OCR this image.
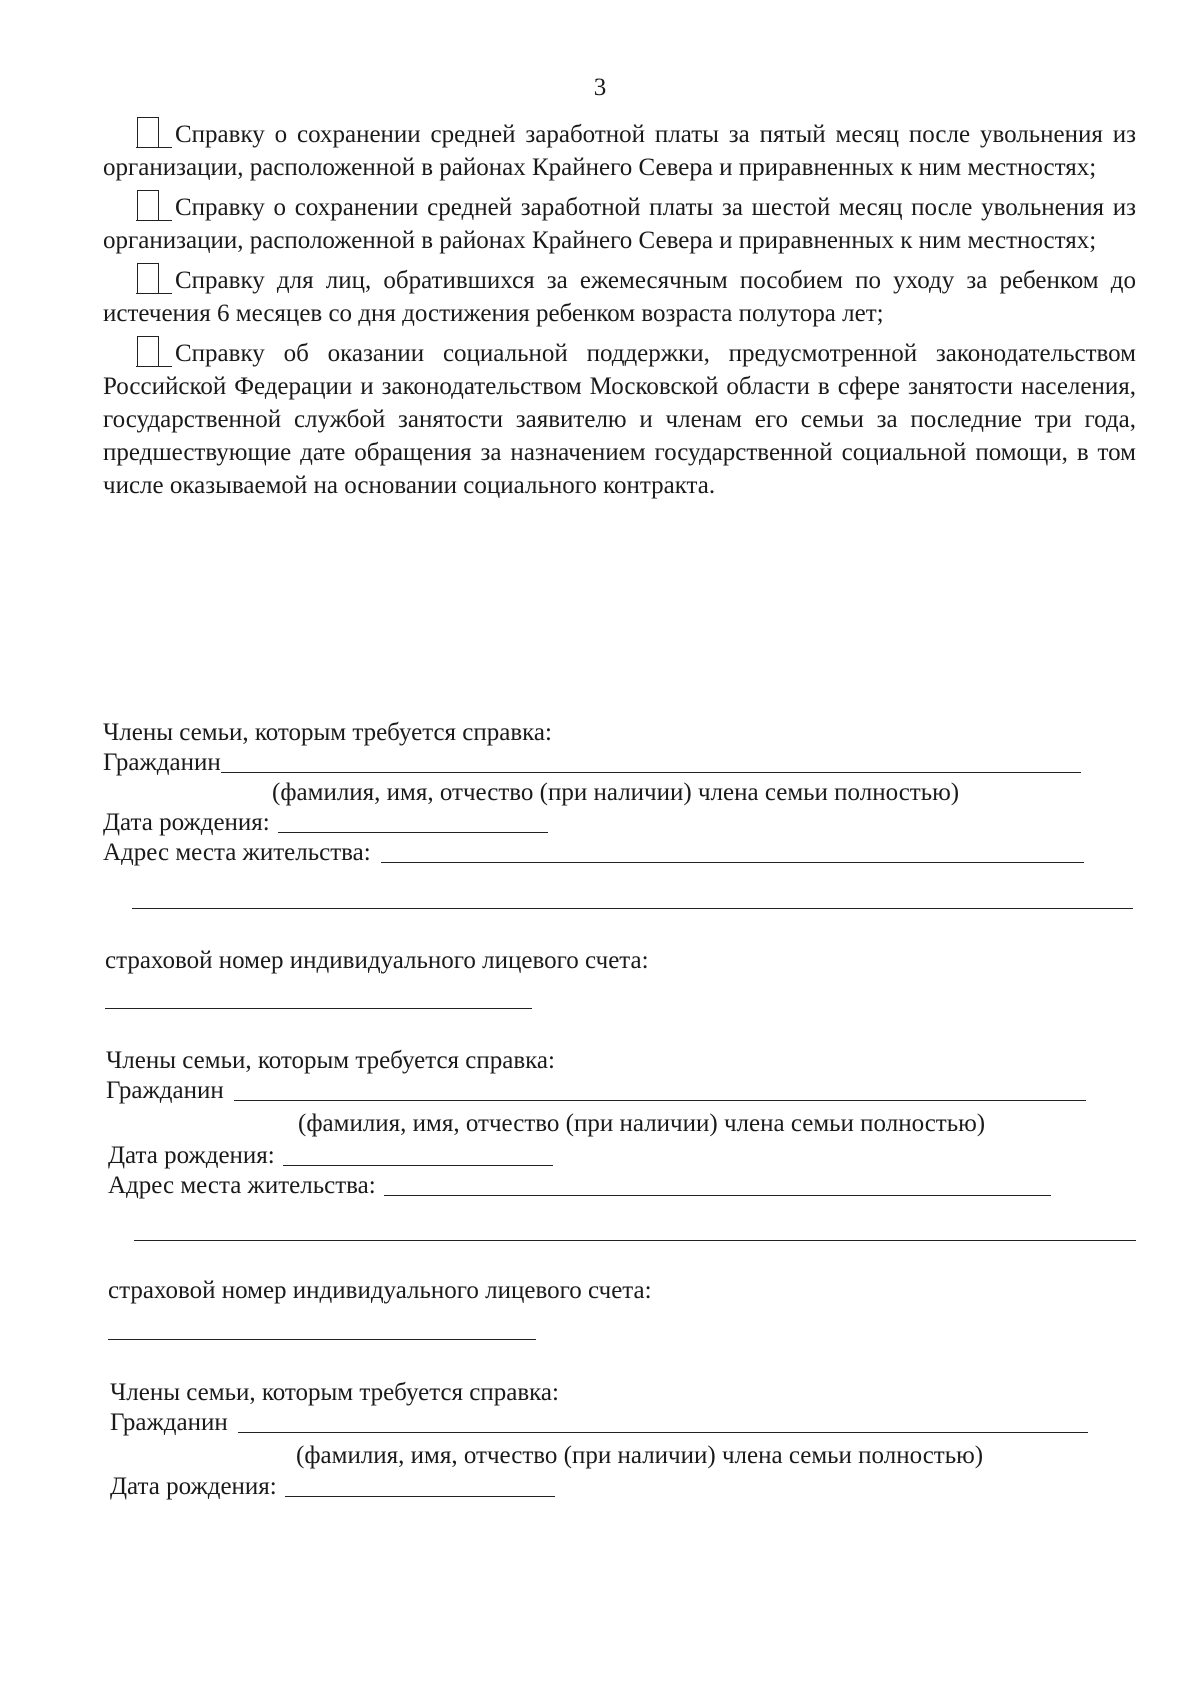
3

Справку о сохранении средней заработной платы за пятый месяц после увольнения из организации, расположенной в районах Крайнего Севера и приравненных к ним местностях;

Справку о сохранении средней заработной платы за шестой месяц после увольнения из организации, расположенной в районах Крайнего Севера и приравненных к ним местностях;

Справку для лиц, обратившихся за ежемесячным пособием по уходу за ребенком до истечения 6 месяцев со дня достижения ребенком возраста полутора лет;

Справку об оказании социальной поддержки, предусмотренной законодательством Российской Федерации и законодательством Московской области в сфере занятости населения, государственной службой занятости заявителю и членам его семьи за последние три года, предшествующие дате обращения за назначением государственной социальной помощи, в том числе оказываемой на основании социального контракта.

Члены семьи, которым требуется справка:
Гражданин
(фамилия, имя, отчество (при наличии) члена семьи полностью)
Дата рождения:
Адрес места жительства:
страховой номер индивидуального лицевого счета:
Члены семьи, которым требуется справка:
Гражданин
(фамилия, имя, отчество (при наличии) члена семьи полностью)
Дата рождения:
Адрес места жительства:
страховой номер индивидуального лицевого счета:
Члены семьи, которым требуется справка:
Гражданин
(фамилия, имя, отчество (при наличии) члена семьи полностью)
Дата рождения:
